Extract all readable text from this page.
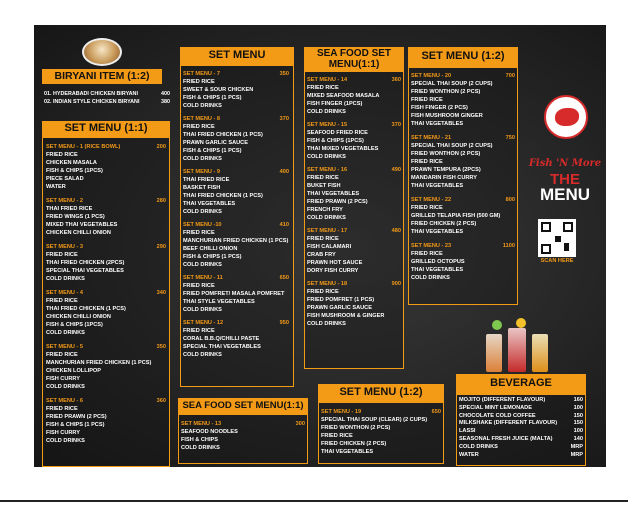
BIRYANI ITEM (1:2)
01. HYDERABADI CHICKEN BIRYANI	400
02. INDIAN STYLE CHICKEN BIRYANI	380
SET MENU (1:1)
SET MENU - 1 (RICE BOWL)	200
FRIED RICE
CHICKEN MASALA
FISH & CHIPS (1PCS)
PIECE SALAD
WATER
SET MENU - 2	280
THAI FRIED RICE
FRIED WINGS (1 PCS)
MIXED THAI VEGETABLES
CHICKEN CHILLI ONION
SET MENU - 3	290
FRIED RICE
THAI FRIED CHICKEN (2PCS)
SPECIAL THAI VEGETABLES
COLD DRINKS
SET MENU - 4	340
FRIED RICE
THAI FRIED CHICKEN (1 PCS)
CHICKEN CHILLI ONION
FISH & CHIPS (1PCS)
COLD DRINKS
SET MENU - 5	350
FRIED RICE
MANCHURIAN FRIED CHICKEN (1 PCS)
CHICKEN LOLLIPOP
FISH CURRY
COLD DRINKS
SET MENU - 6	360
FRIED RICE
FRIED PRAWN (2 PCS)
FISH & CHIPS (1 PCS)
FISH CURRY
COLD DRINKS
SET MENU
SET MENU - 7	350
FRIED RICE
SWEET & SOUR CHICKEN
FISH & CHIPS (1 PCS)
COLD DRINKS
SET MENU - 8	370
FRIED RICE
THAI FRIED CHICKEN (1 PCS)
PRAWN GARLIC SAUCE
FISH & CHIPS (1 PCS)
COLD DRINKS
SET MENU - 9	400
THAI FRIED RICE
BASKET FISH
THAI FRIED CHICKEN (1 PCS)
THAI VEGETABLES
COLD DRINKS
SET MENU -10	410
FRIED RICE
MANCHURIAN FRIED CHICKEN (1 PCS)
BEEF CHILLI ONION
FISH & CHIPS (1 PCS)
COLD DRINKS
SET MENU - 11	650
FRIED RICE
FRIED POMFRET/ MASALA POMFRET
THAI STYLE VEGETABLES
COLD DRINKS
SET MENU - 12	950
FRIED RICE
CORAL B.B.Q/CHILLI PASTE
SPECIAL THAI VEGETABLES
COLD DRINKS
SEA FOOD SET MENU(1:1)
SET MENU - 13	300
SEAFOOD NOODLES
FISH & CHIPS
COLD DRINKS
SEA FOOD SET
MENU(1:1)
SET MENU - 14	360
FRIED RICE
MIXED SEAFOOD MASALA
FISH FINGER (1PCS)
COLD DRINKS
SET MENU - 15	370
SEAFOOD FRIED RICE
FISH & CHIPS (1PCS)
THAI MIXED VEGETABLES
COLD DRINKS
SET MENU - 16	490
FRIED RICE
BUKET FISH
THAI VEGETABLES
FRIED PRAWN (2 PCS)
FRENCH FRY
COLD DRINKS
SET MENU - 17	480
FRIED RICE
FISH CALAMARI
CRAB FRY
PRAWN HOT SAUCE
DORY FISH CURRY
SET MENU - 18	900
FRIED RICE
FRIED POMFRET (1 PCS)
PRAWN GARLIC SAUCE
FISH MUSHROOM & GINGER
COLD DRINKS
SET MENU (1:2)
SET MENU - 19	650
SPECIAL THAI SOUP (CLEAR) (2 CUPS)
FRIED WONTHON (2 PCS)
FRIED RICE
FRIED CHICKEN (2 PCS)
THAI VEGETABLES
SET MENU (1:2)
SET MENU - 20	700
SPECIAL THAI SOUP (2 CUPS)
FRIED WONTHON (2 PCS)
FRIED RICE
FISH FINGER (2 PCS)
FISH MUSHROOM GINGER
THAI VEGETABLES
SET MENU - 21	750
SPECIAL THAI SOUP (2 CUPS)
FRIED WONTHON (2 PCS)
FRIED RICE
PRAWN TEMPURA (2PCS)
MANDARIN FISH CURRY
THAI VEGETABLES
SET MENU - 22	800
FRIED RICE
GRILLED TELAPIA FISH (500 GM)
FRIED CHICKEN (2 PCS)
THAI VEGETABLES
SET MENU - 23	1100
FRIED RICE
GRILLED OCTOPUS
THAI VEGETABLES
COLD DRINKS
Fish 'N More
THE
MENU
SCAN HERE
BEVERAGE
MOJITO (DIFFERENT FLAVOUR)	160
SPECIAL MINT LEMONADE	100
CHOCOLATE COLD COFFEE	150
MILKSHAKE (DIFFERENT FLAVOUR)	150
LASSI	100
SEASONAL FRESH JUICE (MALTA)	140
COLD DRINKS	MRP
WATER	MRP
